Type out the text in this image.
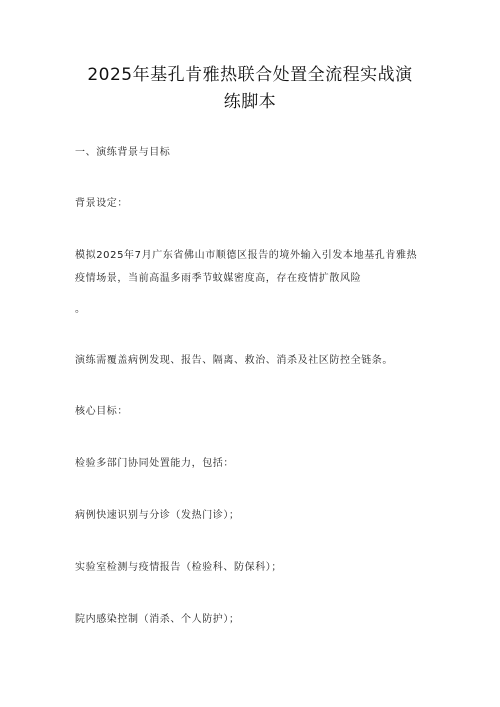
2025年基孔肯雅热联合处置全流程实战演
练脚本
一、演练背景与目标
背景设定：
模拟2025年7月广东省佛山市顺德区报告的境外输入引发本地基孔肯雅热
疫情场景，当前高温多雨季节蚊媒密度高，存在疫情扩散风险
。
演练需覆盖病例发现、报告、隔离、救治、消杀及社区防控全链条。
核心目标：
检验多部门协同处置能力，包括：
病例快速识别与分诊（发热门诊）；
实验室检测与疫情报告（检验科、防保科）；
院内感染控制（消杀、个人防护）；
